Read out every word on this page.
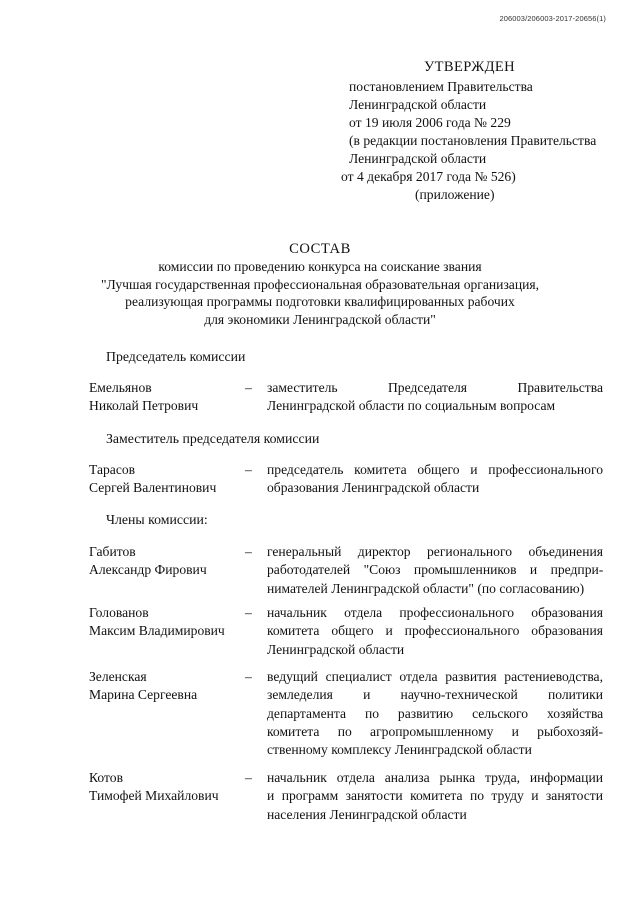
206003/206003-2017-20656(1)
УТВЕРЖДЕН
постановлением Правительства
Ленинградской области
от 19 июля 2006 года № 229
(в редакции постановления Правительства
Ленинградской области
от 4 декабря 2017 года № 526)
(приложение)
СОСТАВ
комиссии по проведению конкурса на соискание звания
"Лучшая государственная профессиональная образовательная организация,
реализующая программы подготовки квалифицированных рабочих
для экономики Ленинградской области"
Председатель комиссии
Емельянов
Николай Петрович
– заместитель Председателя Правительства
Ленинградской области по социальным вопросам
Заместитель председателя комиссии
Тарасов
Сергей Валентинович
– председатель комитета общего и профессионального
образования Ленинградской области
Члены комиссии:
Габитов
Александр Фирович
– генеральный директор регионального объединения
работодателей "Союз промышленников и предпри-
нимателей Ленинградской области" (по согласованию)
Голованов
Максим Владимирович
– начальник отдела профессионального образования
комитета общего и профессионального образования
Ленинградской области
Зеленская
Марина Сергеевна
– ведущий специалист отдела развития растениеводства,
земледелия и научно-технической политики
департамента по развитию сельского хозяйства
комитета по агропромышленному и рыбохозяй-
ственному комплексу Ленинградской области
Котов
Тимофей Михайлович
– начальник отдела анализа рынка труда, информации
и программ занятости комитета по труду и занятости
населения Ленинградской области
